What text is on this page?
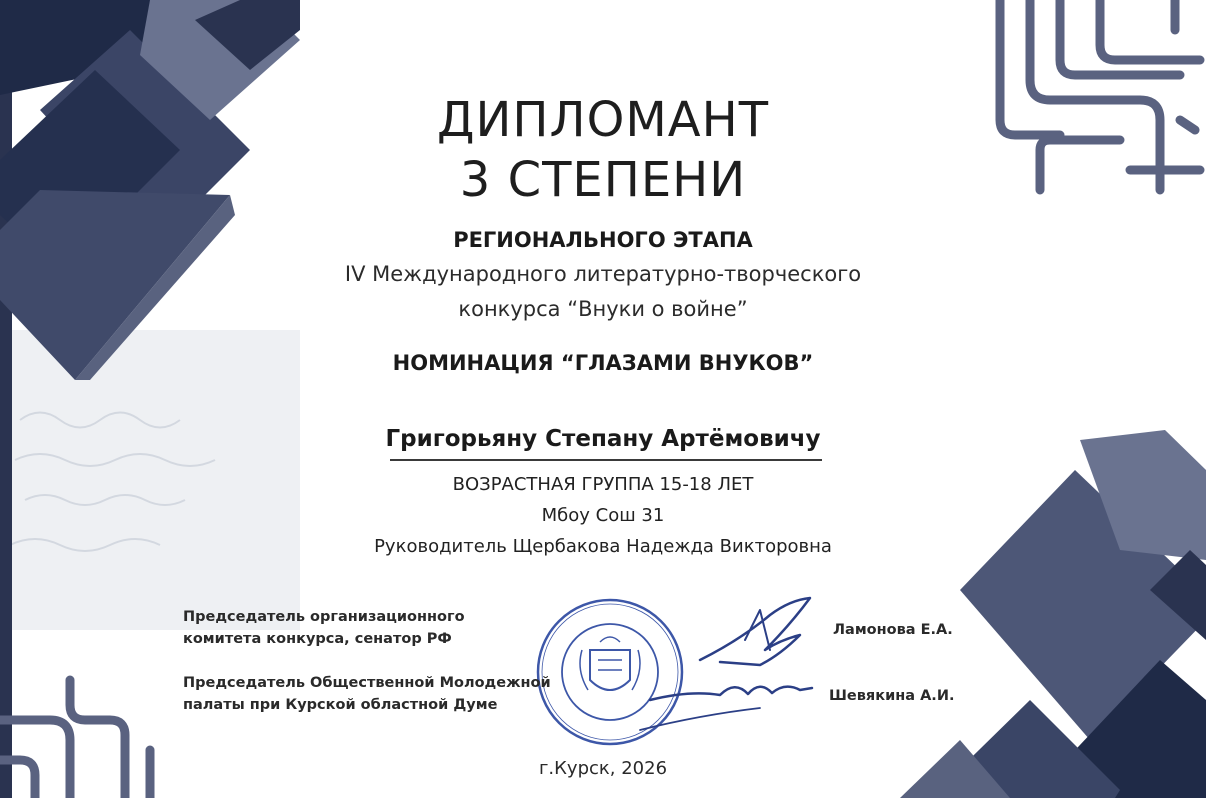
ДИПЛОМАНТ
3 СТЕПЕНИ
РЕГИОНАЛЬНОГО ЭТАПА
IV Международного литературно-творческого
конкурса “Внуки о войне”
НОМИНАЦИЯ “ГЛАЗАМИ ВНУКОВ”
Григорьяну Степану Артёмовичу
ВОЗРАСТНАЯ ГРУППА 15-18 ЛЕТ
Мбоу Сош 31
Руководитель Щербакова Надежда Викторовна
Председатель организационного
комитета конкурса, сенатор РФ
Ламонова Е.А.
Председатель Общественной Молодежной
палаты при Курской областной Думе
Шевякина А.И.
г.Курск, 2026
